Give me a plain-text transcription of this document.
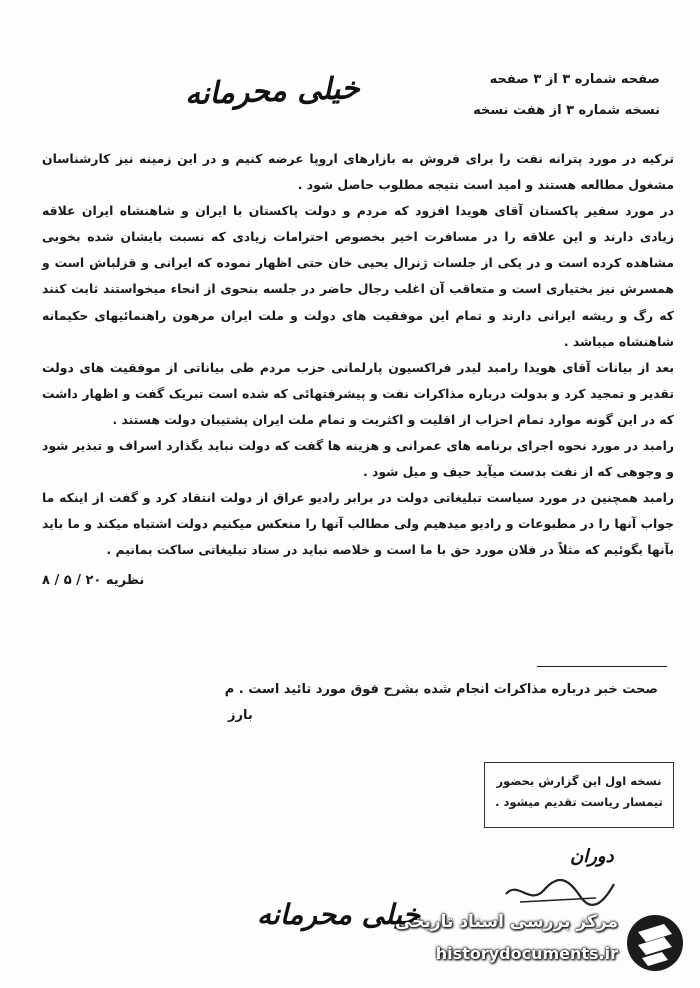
صفحه شماره ۳ از ۳ صفحه
نسخه شماره ۳ از هفت نسخه
خیلی محرمانه

ترکیه در مورد پترانه نفت را برای فروش به بازارهای اروپا عرضه کنیم و در این زمینه نیز کارشناسان مشغول مطالعه هستند و امید است نتیجه مطلوب حاصل شود .

در مورد سفیر پاکستان آقای هویدا افزود که مردم و دولت پاکستان با ایران و شاهنشاه ایران علاقه زیادی دارند و این علاقه را در مسافرت اخیر بخصوص احترامات زیادی که نسبت بایشان شده بخوبی مشاهده کرده است و در یکی از جلسات ژنرال یحیی خان حتی اظهار نموده که ایرانی و قزلباش است و همسرش نیز بختیاری است و متعاقب آن اغلب رجال حاضر در جلسه بنحوی از انحاء میخواستند ثابت کنند که رگ و ریشه ایرانی دارند و تمام این موفقیت های دولت و ملت ایران مرهون راهنمائیهای حکیمانه شاهنشاه میباشد .

بعد از بیانات آقای هویدا رامبد لیدر فراکسیون پارلمانی حزب مردم طی بیاناتی از موفقیت های دولت تقدیر و تمجید کرد و بدولت درباره مذاکرات نفت و پیشرفتهائی که شده است تبریک گفت و اظهار داشت که در این گونه موارد تمام احزاب از اقلیت و اکثریت و تمام ملت ایران پشتیبان دولت هستند .

رامبد در مورد نحوه اجرای برنامه های عمرانی و هزینه ها گفت که دولت نباید بگذارد اسراف و تبذیر شود و وجوهی که از نفت بدست میآید حیف و میل شود .

رامبد همچنین در مورد سیاست تبلیغاتی دولت در برابر رادیو عراق از دولت انتقاد کرد و گفت از اینکه ما جواب آنها را در مطبوعات و رادیو میدهیم ولی مطالب آنها را منعکس میکنیم دولت اشتباه میکند و ما باید بآنها بگوئیم که مثلاً در فلان مورد حق با ما است و خلاصه نباید در ستاد تبلیغاتی ساکت بمانیم .

نظریه ۲۰ / ۵ / ۸

صحت خبر درباره مذاکرات انجام شده بشرح فوق مورد تائید است . م
بارز
نسخه اول این گزارش بحضور
تیمسار ریاست تقدیم میشود .
دوران
خیلی محرمانه
مرکز بررسی اسناد تاریخی
historydocuments.ir
